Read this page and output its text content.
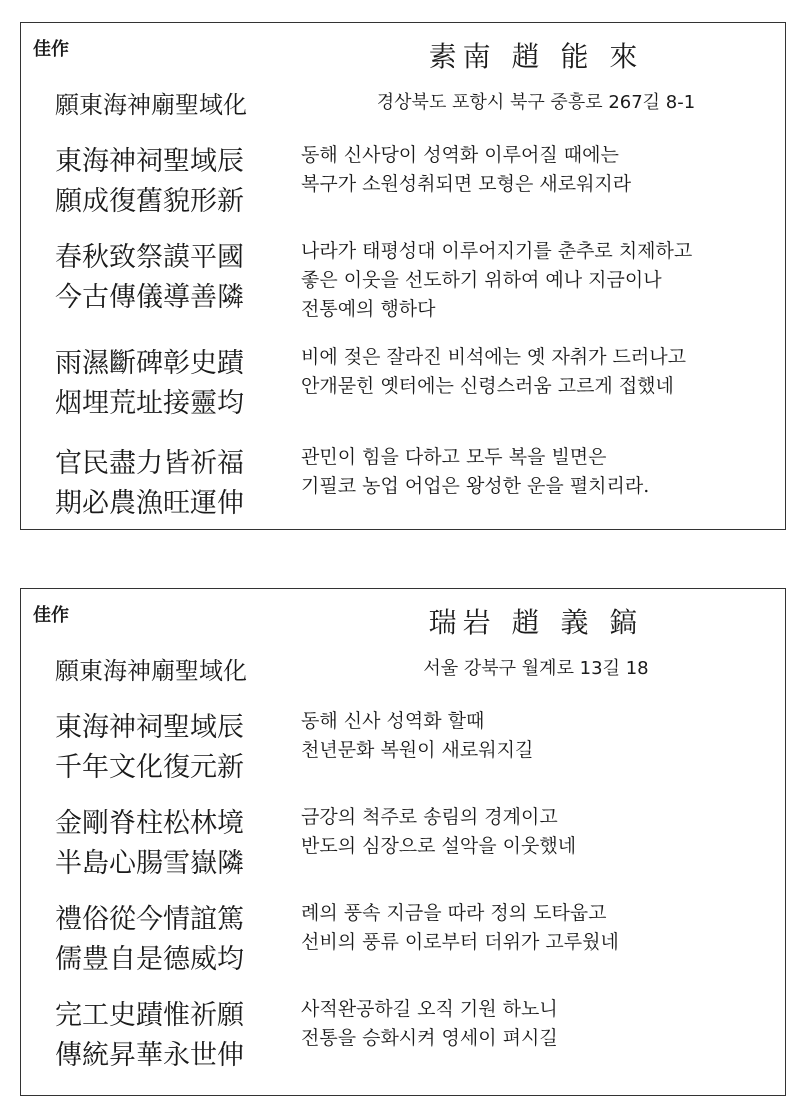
佳作	素南 趙 能 來
願東海神廟聖域化	경상북도 포항시 북구 중흥로 267길 8-1
東海神祠聖域辰
願成復舊貌形新
동해 신사당이 성역화 이루어질 때에는
복구가 소원성취되면 모형은 새로워지라
春秋致祭謨平國
今古傳儀導善隣
나라가 태평성대 이루어지기를 춘추로 치제하고
좋은 이웃을 선도하기 위하여 예나 지금이나
전통예의 행하다
雨濕斷碑彰史蹟
烟埋荒址接靈均
비에 젖은 잘라진 비석에는 옛 자취가 드러나고
안개묻힌 옛터에는 신령스러움 고르게 접했네
官民盡力皆祈福
期必農漁旺運伸
관민이 힘을 다하고 모두 복을 빌면은
기필코 농업 어업은 왕성한 운을 펼치리라.
佳作	瑞岩 趙 義 鎬
願東海神廟聖域化	서울 강북구 월계로 13길 18
東海神祠聖域辰
千年文化復元新
동해 신사 성역화 할때
천년문화 복원이 새로워지길
金剛脊柱松林境
半島心腸雪嶽隣
금강의 척주로 송림의 경계이고
반도의 심장으로 설악을 이웃했네
禮俗從今情誼篤
儒豊自是德威均
례의 풍속 지금을 따라 정의 도타웁고
선비의 풍류 이로부터 더위가 고루웠네
完工史蹟惟祈願
傳統昇華永世伸
사적완공하길 오직 기원 하노니
전통을 승화시켜 영세이 펴시길
